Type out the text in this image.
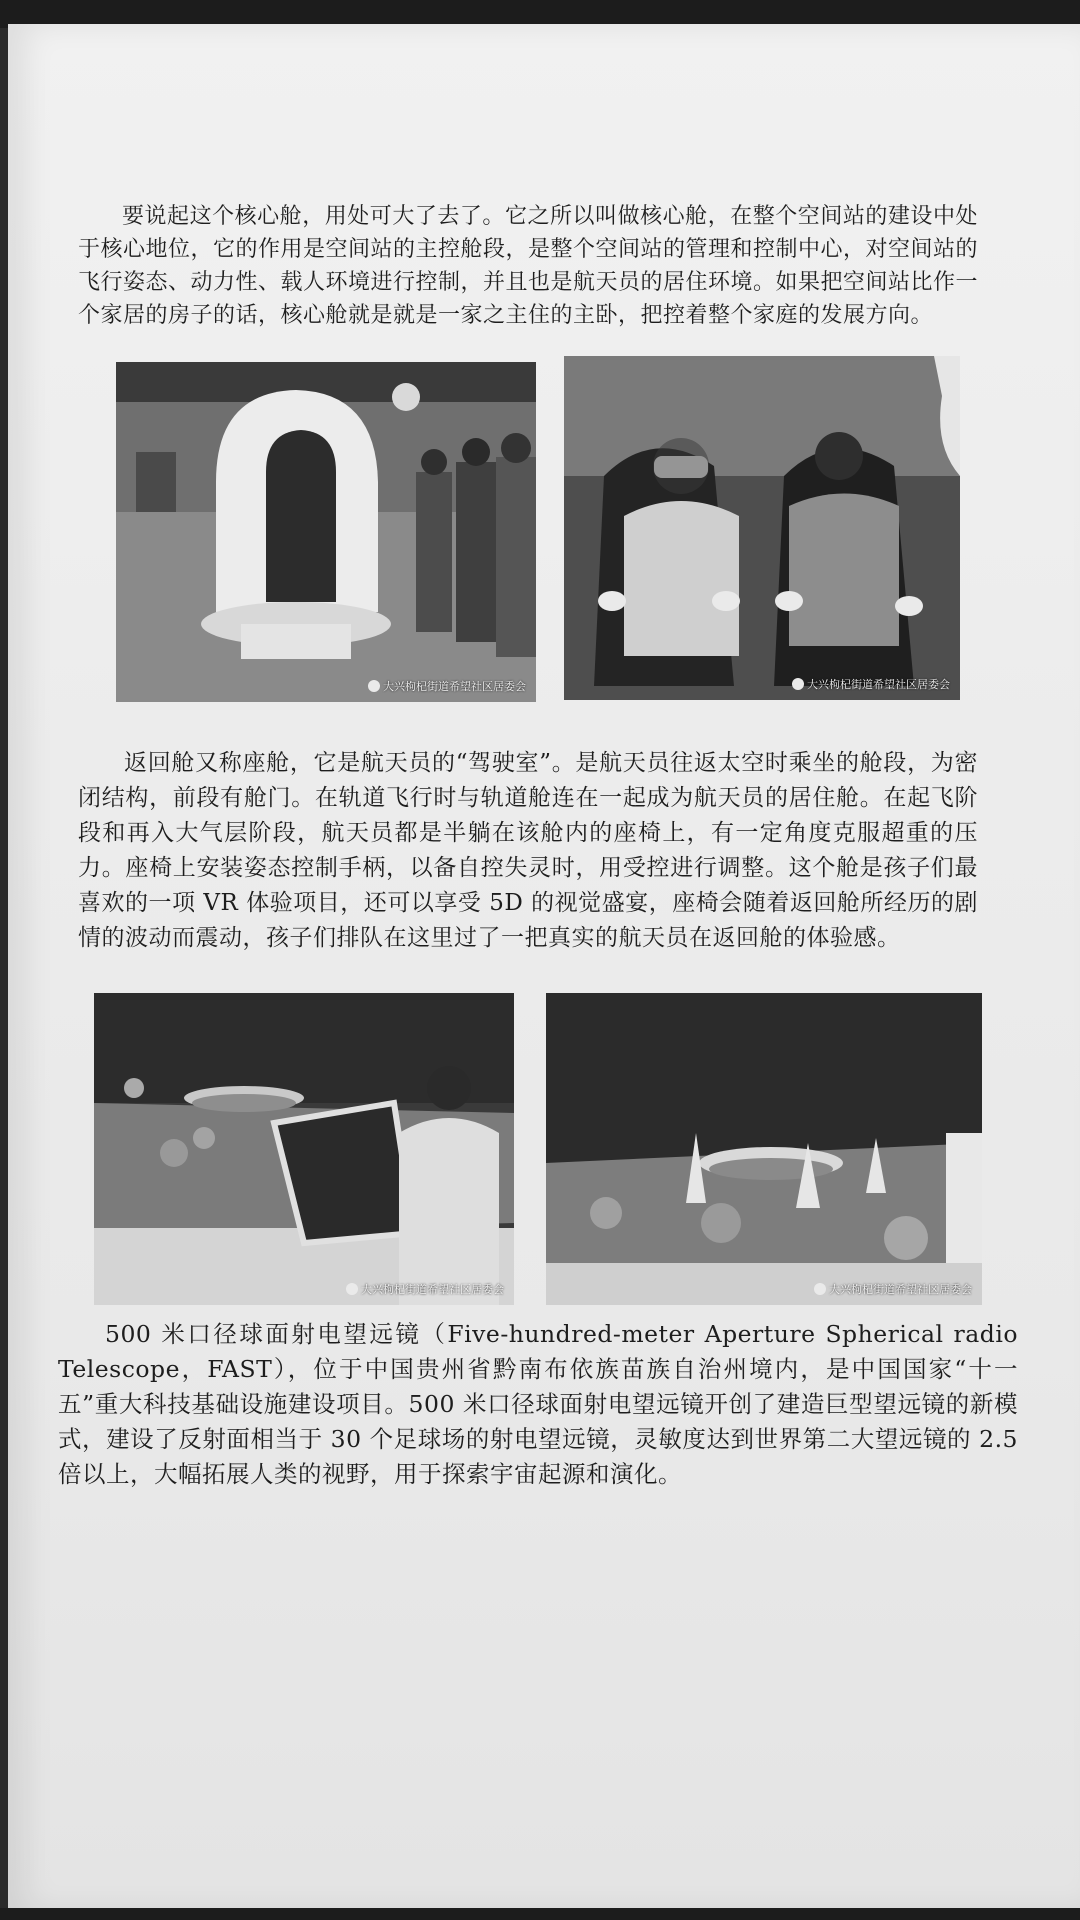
要说起这个核心舱，用处可大了去了。它之所以叫做核心舱，在整个空间站的建设中处于核心地位，它的作用是空间站的主控舱段，是整个空间站的管理和控制中心，对空间站的飞行姿态、动力性、载人环境进行控制，并且也是航天员的居住环境。如果把空间站比作一个家居的房子的话，核心舱就是就是一家之主住的主卧，把控着整个家庭的发展方向。

大兴枸杞街道希望社区居委会	大兴枸杞街道希望社区居委会

返回舱又称座舱，它是航天员的“驾驶室”。是航天员往返太空时乘坐的舱段，为密闭结构，前段有舱门。在轨道飞行时与轨道舱连在一起成为航天员的居住舱。在起飞阶段和再入大气层阶段，航天员都是半躺在该舱内的座椅上，有一定角度克服超重的压力。座椅上安装姿态控制手柄，以备自控失灵时，用受控进行调整。这个舱是孩子们最喜欢的一项 VR 体验项目，还可以享受 5D 的视觉盛宴，座椅会随着返回舱所经历的剧情的波动而震动，孩子们排队在这里过了一把真实的航天员在返回舱的体验感。

大兴枸杞街道希望社区居委会	大兴枸杞街道希望社区居委会

500 米口径球面射电望远镜（Five-hundred-meter Aperture Spherical radio Telescope，FAST），位于中国贵州省黔南布依族苗族自治州境内，是中国国家“十一五”重大科技基础设施建设项目。500 米口径球面射电望远镜开创了建造巨型望远镜的新模式，建设了反射面相当于 30 个足球场的射电望远镜，灵敏度达到世界第二大望远镜的 2.5 倍以上，大幅拓展人类的视野，用于探索宇宙起源和演化。
